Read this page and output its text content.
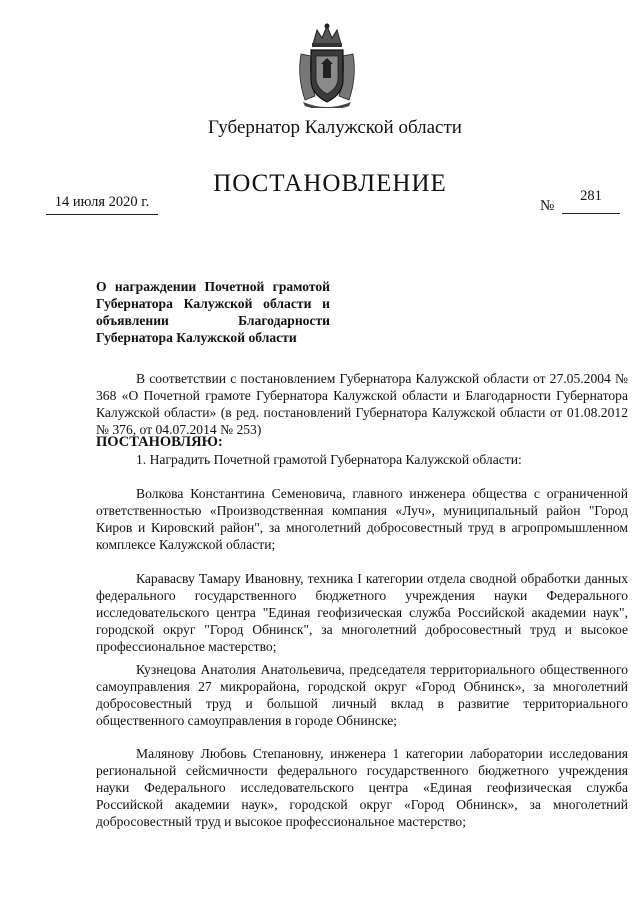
Губернатор Калужской области
ПОСТАНОВЛЕНИЕ
14 июля 2020 г.	№
281
О награждении Почетной грамотой Губернатора Калужской области и объявлении Благодарности Губернатора Калужской области

В соответствии с постановлением Губернатора Калужской области от 27.05.2004 № 368 «О Почетной грамоте Губернатора Калужской области и Благодарности Губернатора Калужской области» (в ред. постановлений Губернатора Калужской области от 01.08.2012 № 376, от 04.07.2014 № 253)

ПОСТАНОВЛЯЮ:
1. Наградить Почетной грамотой Губернатора Калужской области:

Волкова Константина Семеновича, главного инженера общества с ограниченной ответственностью «Производственная компания «Луч», муниципальный район "Город Киров и Кировский район", за многолетний добросовестный труд в агропромышленном комплексе Калужской области;

Каравасву Тамару Ивановну, техника I категории отдела сводной обработки данных федерального государственного бюджетного учреждения науки Федерального исследовательского центра "Единая геофизическая служба Российской академии наук", городской округ "Город Обнинск", за многолетний добросовестный труд и высокое профессиональное мастерство;

Кузнецова Анатолия Анатольевича, председателя территориального общественного самоуправления 27 микрорайона, городской округ «Город Обнинск», за многолетний добросовестный труд и большой личный вклад в развитие территориального общественного самоуправления в городе Обнинске;

Малянову Любовь Степановну, инженера 1 категории лаборатории исследования региональной сейсмичности федерального государственного бюджетного учреждения науки Федерального исследовательского центра «Единая геофизическая служба Российской академии наук», городской округ «Город Обнинск», за многолетний добросовестный труд и высокое профессиональное мастерство;
